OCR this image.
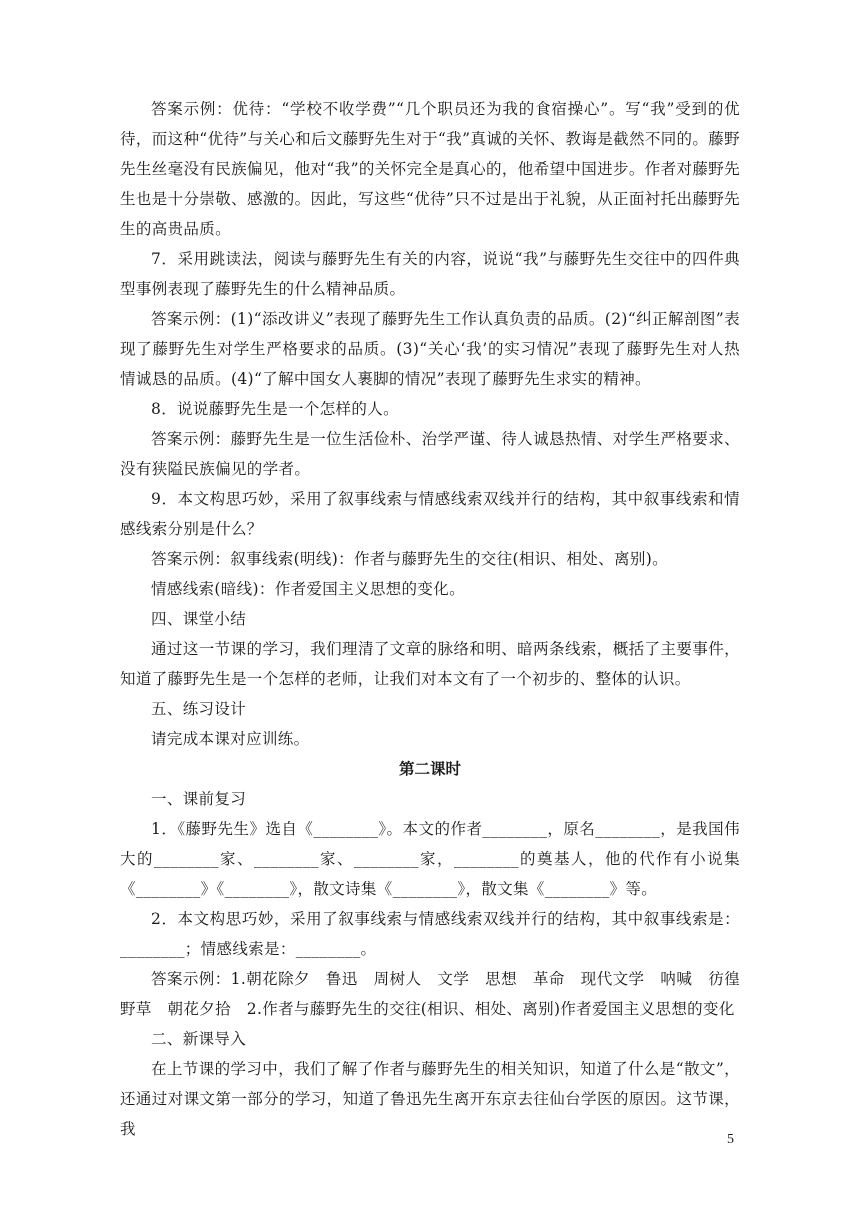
答案示例：优待：“学校不收学费”“几个职员还为我的食宿操心”。写“我”受到的优待，而这种“优待”与关心和后文藤野先生对于“我”真诚的关怀、教诲是截然不同的。藤野先生丝毫没有民族偏见，他对“我”的关怀完全是真心的，他希望中国进步。作者对藤野先生也是十分崇敬、感激的。因此，写这些“优待”只不过是出于礼貌，从正面衬托出藤野先生的高贵品质。

7．采用跳读法，阅读与藤野先生有关的内容，说说“我”与藤野先生交往中的四件典型事例表现了藤野先生的什么精神品质。

答案示例：(1)“添改讲义”表现了藤野先生工作认真负责的品质。(2)“纠正解剖图”表现了藤野先生对学生严格要求的品质。(3)“关心‘我’的实习情况”表现了藤野先生对人热情诚恳的品质。(4)“了解中国女人裹脚的情况”表现了藤野先生求实的精神。

8．说说藤野先生是一个怎样的人。

答案示例：藤野先生是一位生活俭朴、治学严谨、待人诚恳热情、对学生严格要求、没有狭隘民族偏见的学者。

9．本文构思巧妙，采用了叙事线索与情感线索双线并行的结构，其中叙事线索和情感线索分别是什么？

答案示例：叙事线索(明线)：作者与藤野先生的交往(相识、相处、离别)。

情感线索(暗线)：作者爱国主义思想的变化。

四、课堂小结

通过这一节课的学习，我们理清了文章的脉络和明、暗两条线索，概括了主要事件，知道了藤野先生是一个怎样的老师，让我们对本文有了一个初步的、整体的认识。

五、练习设计

请完成本课对应训练。

第二课时

一、课前复习

1．《藤野先生》选自《________》。本文的作者________，原名________，是我国伟大的________家、________家、________家，________的奠基人，他的代作有小说集《________》《________》，散文诗集《________》，散文集《________》等。

2．本文构思巧妙，采用了叙事线索与情感线索双线并行的结构，其中叙事线索是：________；情感线索是：________。

答案示例：1.朝花除夕　鲁迅　周树人　文学　思想　革命　现代文学　呐喊　彷徨　野草　朝花夕拾　2.作者与藤野先生的交往(相识、相处、离别)作者爱国主义思想的变化

二、新课导入

在上节课的学习中，我们了解了作者与藤野先生的相关知识，知道了什么是“散文”，还通过对课文第一部分的学习，知道了鲁迅先生离开东京去往仙台学医的原因。这节课，我

5
